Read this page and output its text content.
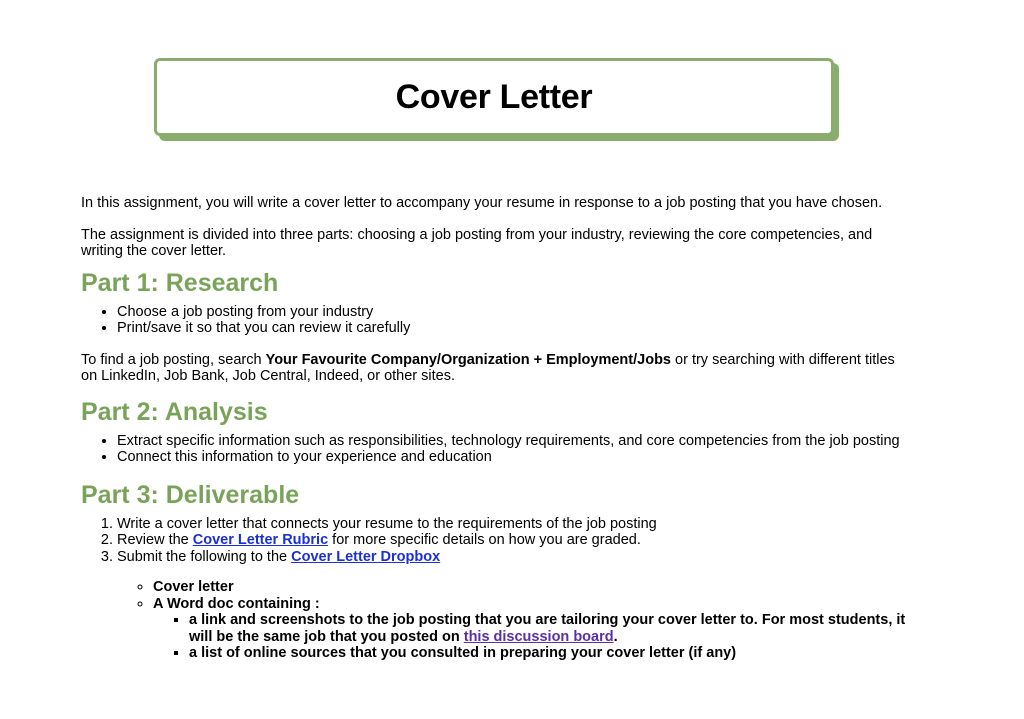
Cover Letter

In this assignment, you will write a cover letter to accompany your resume in response to a job posting that you have chosen.

The assignment is divided into three parts: choosing a job posting from your industry, reviewing the core competencies, and writing the cover letter.

Part 1: Research
• Choose a job posting from your industry
• Print/save it so that you can review it carefully

To find a job posting, search Your Favourite Company/Organization + Employment/Jobs or try searching with different titles on LinkedIn, Job Bank, Job Central, Indeed, or other sites.

Part 2: Analysis
• Extract specific information such as responsibilities, technology requirements, and core competencies from the job posting
• Connect this information to your experience and education
Part 3: Deliverable
1. Write a cover letter that connects your resume to the requirements of the job posting
2. Review the Cover Letter Rubric for more specific details on how you are graded.
3. Submit the following to the Cover Letter Dropbox
◦ Cover letter
◦ A Word doc containing :
▪ a link and screenshots to the job posting that you are tailoring your cover letter to. For most students, it will be the same job that you posted on this discussion board.
▪ a list of online sources that you consulted in preparing your cover letter (if any)
